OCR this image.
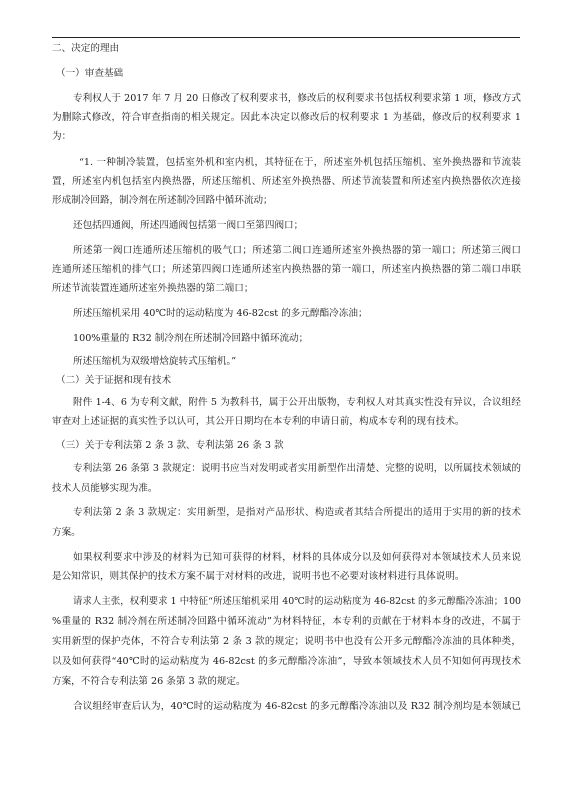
二、决定的理由
（一）审查基础
专利权人于 2017 年 7 月 20 日修改了权利要求书，修改后的权利要求书包括权利要求第 1 项，修改方式
为删除式修改，符合审查指南的相关规定。因此本决定以修改后的权利要求 1 为基础，修改后的权利要求 1
为：
“1. 一种制冷装置，包括室外机和室内机，其特征在于，所述室外机包括压缩机、室外换热器和节流装
置，所述室内机包括室内换热器，所述压缩机、所述室外换热器、所述节流装置和所述室内换热器依次连接
形成制冷回路，制冷剂在所述制冷回路中循环流动；
还包括四通阀，所述四通阀包括第一阀口至第四阀口；
所述第一阀口连通所述压缩机的吸气口；所述第二阀口连通所述室外换热器的第一端口；所述第三阀口
连通所述压缩机的排气口；所述第四阀口连通所述室内换热器的第一端口，所述室内换热器的第二端口串联
所述节流装置连通所述室外换热器的第二端口；
所述压缩机采用 40℃时的运动粘度为 46-82cst 的多元醇酯冷冻油；
100%重量的 R32 制冷剂在所述制冷回路中循环流动；
所述压缩机为双级增焓旋转式压缩机。”
（二）关于证据和现有技术
附件 1-4、6 为专利文献，附件 5 为教科书，属于公开出版物，专利权人对其真实性没有异议，合议组经
审查对上述证据的真实性予以认可，其公开日期均在本专利的申请日前，构成本专利的现有技术。
（三）关于专利法第 2 条 3 款、专利法第 26 条 3 款
专利法第 26 条第 3 款规定：说明书应当对发明或者实用新型作出清楚、完整的说明，以所属技术领域的
技术人员能够实现为准。
专利法第 2 条 3 款规定：实用新型，是指对产品形状、构造或者其结合所提出的适用于实用的新的技术
方案。
如果权利要求中涉及的材料为已知可获得的材料，材料的具体成分以及如何获得对本领域技术人员来说
是公知常识，则其保护的技术方案不属于对材料的改进，说明书也不必要对该材料进行具体说明。
请求人主张，权利要求 1 中特征“所述压缩机采用 40℃时的运动粘度为 46-82cst 的多元醇酯冷冻油；100
%重量的 R32 制冷剂在所述制冷回路中循环流动”为材料特征，本专利的贡献在于材料本身的改进，不属于
实用新型的保护壳体，不符合专利法第 2 条 3 款的规定；说明书中也没有公开多元醇酯冷冻油的具体种类，
以及如何获得“40℃时的运动粘度为 46-82cst 的多元醇酯冷冻油”，导致本领域技术人员不知如何再现技术
方案，不符合专利法第 26 条第 3 款的规定。
合议组经审查后认为，40℃时的运动粘度为 46-82cst 的多元醇酯冷冻油以及 R32 制冷剂均是本领域已
